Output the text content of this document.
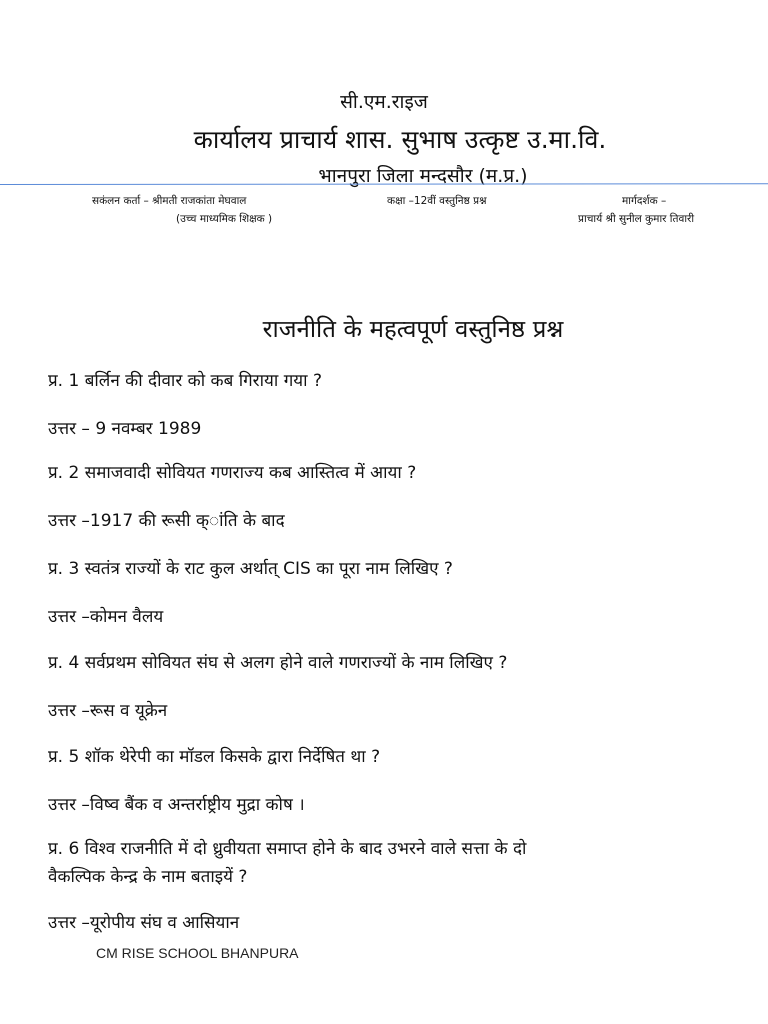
सी.एम.राइज
कार्यालय प्राचार्य शास. सुभाष उत्कृष्ट उ.मा.वि.
भानपुरा जिला मन्दसौर (म.प्र.)
सकंलन कर्ता – श्रीमती राजकांता मेघवाल
(उच्च माध्यमिक शिक्षक )
कक्षा –12वीं वस्तुनिष्ठ प्रश्न	मार्गदर्शक –
प्राचार्य श्री सुनील कुमार तिवारी
राजनीति के महत्वपूर्ण वस्तुनिष्ठ प्रश्न
प्र. 1 बर्लिन की दीवार को कब गिराया गया ?
उत्तर – 9 नवम्बर 1989
प्र. 2 समाजवादी सोवियत गणराज्य कब आस्तित्व में आया ?
उत्तर –1917 की रूसी क्ांति के बाद
प्र. 3 स्वतंत्र राज्यों के राट कुल अर्थात् CIS का पूरा नाम लिखिए ?
उत्तर –कोमन वैलय
प्र. 4 सर्वप्रथम सोवियत संघ से अलग होने वाले गणराज्यों के नाम लिखिए ?
उत्तर –रूस व यूक्रेन
प्र. 5 शॉक थेरेपी का मॉडल किसके द्वारा निर्देषित था ?
उत्तर –विष्व बैंक व अन्तर्राष्ट्रीय मुद्रा कोष ।
प्र. 6 विश्व राजनीति में दो ध्रुवीयता समाप्त होने के बाद उभरने वाले सत्ता के दो
वैकल्पिक केन्द्र के नाम बताइयें ?
उत्तर –यूरोपीय संघ व आसियान
CM RISE SCHOOL BHANPURA
